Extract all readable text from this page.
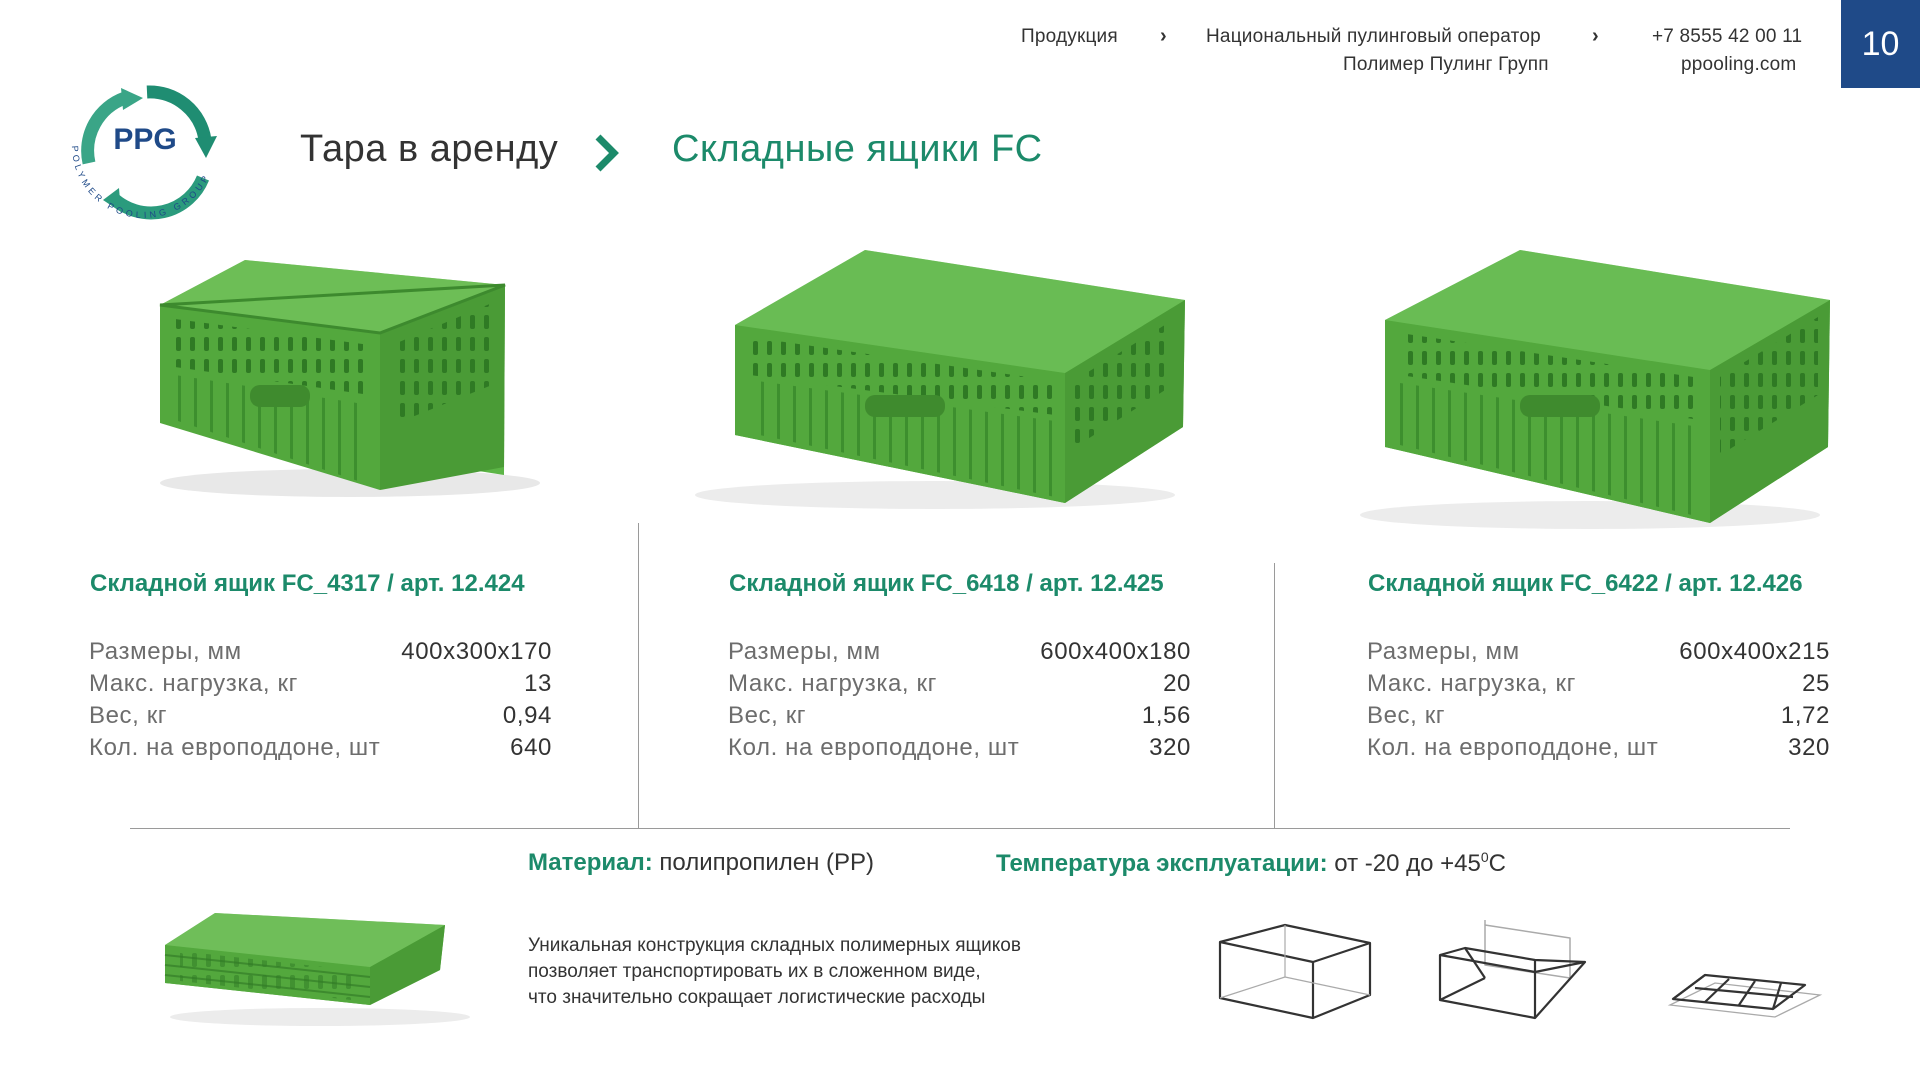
Продукция › Национальный пулинговый оператор
Полимер Пулинг Групп
›	+7 8555 42 00 11
ppooling.com
10
PPG
POLYMER POOLING GROUP
Тара в аренду	Складные ящики FC
Складной ящик FC_4317 / арт. 12.424
Размеры, мм	400x300x170
Макс. нагрузка, кг	13
Вес, кг	0,94
Кол. на европоддоне, шт	640
Складной ящик FC_6418 / арт. 12.425
Размеры, мм	600x400x180
Макс. нагрузка, кг	20
Вес, кг	1,56
Кол. на европоддоне, шт	320
Складной ящик FC_6422 / арт. 12.426
Размеры, мм	600x400x215
Макс. нагрузка, кг	25
Вес, кг	1,72
Кол. на европоддоне, шт	320
Материал: полипропилен (PP)	Температура эксплуатации: от -20 до $+45^0С$
Уникальная конструкция складных полимерных ящиков
позволяет транспортировать их в сложенном виде,
что значительно сокращает логистические расходы
